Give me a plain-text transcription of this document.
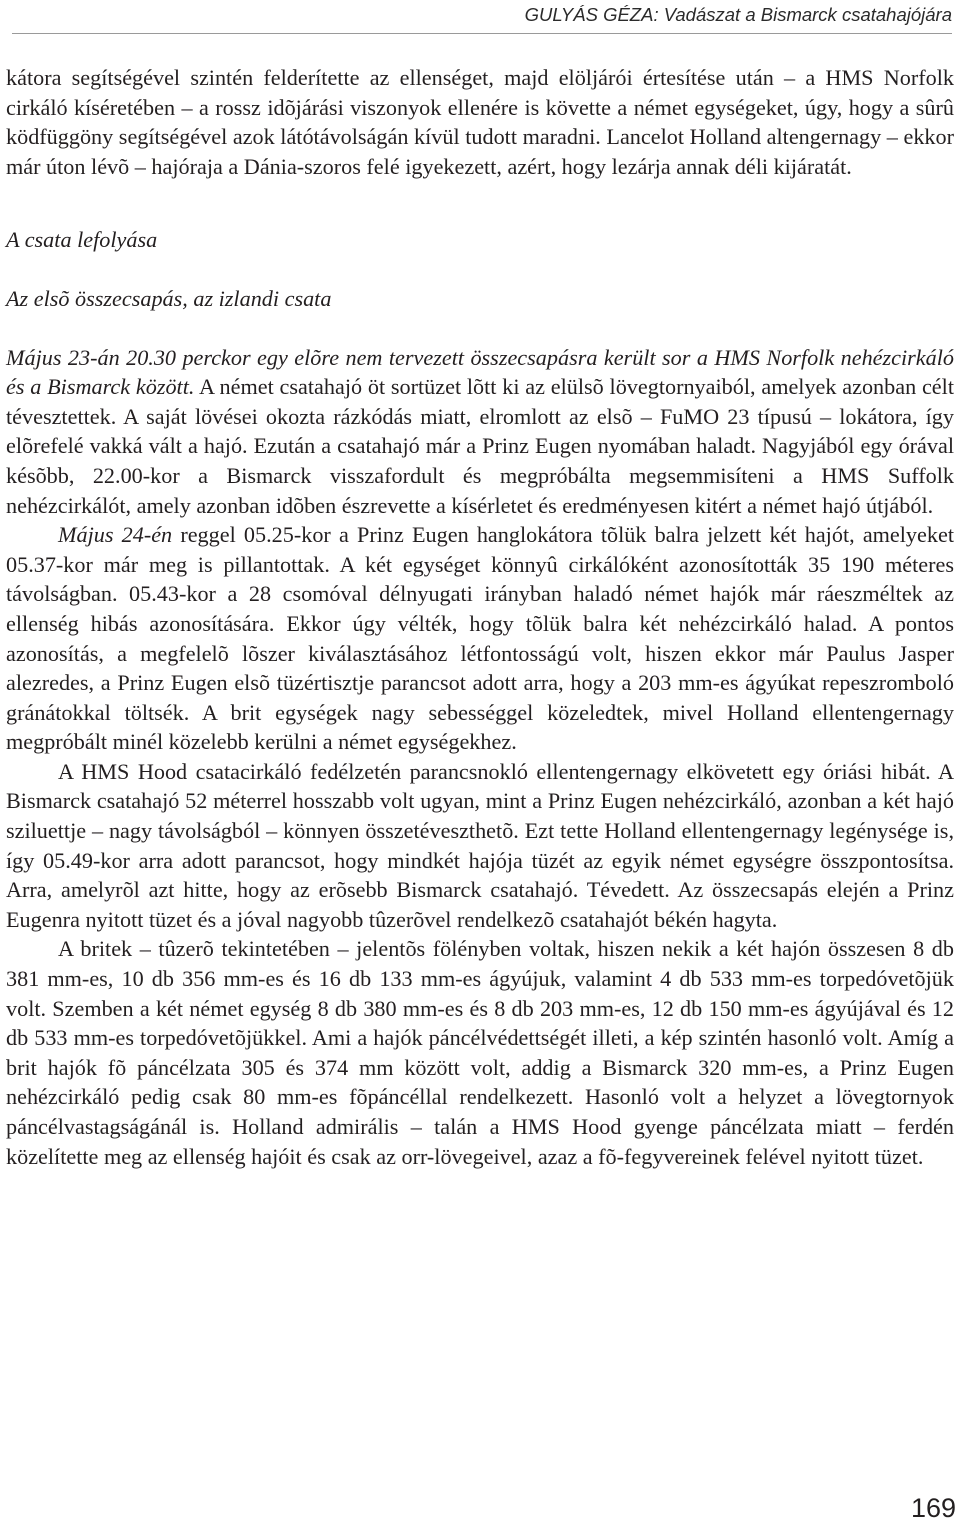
GULYÁS GÉZA: Vadászat a Bismarck csatahajójára

kátora segítségével szintén felderítette az ellenséget, majd elöljárói értesítése után – a HMS Norfolk cirkáló kíséretében – a rossz idõjárási viszonyok ellenére is követte a német egységeket, úgy, hogy a sûrû ködfüggöny segítségével azok látótávolságán kívül tudott maradni. Lancelot Holland altengernagy – ekkor már úton lévõ – hajóraja a Dánia-szoros felé igyekezett, azért, hogy lezárja annak déli kijáratát.

A csata lefolyása
Az elsõ összecsapás, az izlandi csata

Május 23-án 20.30 perckor egy elõre nem tervezett összecsapásra került sor a HMS Norfolk nehézcirkáló és a Bismarck között. A német csatahajó öt sortüzet lõtt ki az elülsõ lövegtornyaiból, amelyek azonban célt tévesztettek. A saját lövései okozta rázkódás miatt, elromlott az elsõ – FuMO 23 típusú – lokátora, így elõrefelé vakká vált a hajó. Ezután a csatahajó már a Prinz Eugen nyomában haladt. Nagyjából egy órával késõbb, 22.00-kor a Bismarck visszafordult és megpróbálta megsemmisíteni a HMS Suffolk nehézcirkálót, amely azonban idõben észrevette a kísérletet és eredményesen kitért a német hajó útjából.

Május 24-én reggel 05.25-kor a Prinz Eugen hanglokátora tõlük balra jelzett két hajót, amelyeket 05.37-kor már meg is pillantottak. A két egységet könnyû cirkálóként azonosították 35 190 méteres távolságban. 05.43-kor a 28 csomóval délnyugati irányban haladó német hajók már ráeszméltek az ellenség hibás azonosítására. Ekkor úgy vélték, hogy tõlük balra két nehézcirkáló halad. A pontos azonosítás, a megfelelõ lõszer kiválasztásához létfontosságú volt, hiszen ekkor már Paulus Jasper alezredes, a Prinz Eugen elsõ tüzértisztje parancsot adott arra, hogy a 203 mm-es ágyúkat repeszromboló gránátokkal töltsék. A brit egységek nagy sebességgel közeledtek, mivel Holland ellentengernagy megpróbált minél közelebb kerülni a német egységekhez.

A HMS Hood csatacirkáló fedélzetén parancsnokló ellentengernagy elkövetett egy óriási hibát. A Bismarck csatahajó 52 méterrel hosszabb volt ugyan, mint a Prinz Eugen nehézcirkáló, azonban a két hajó sziluettje – nagy távolságból – könnyen összetéveszthetõ. Ezt tette Holland ellentengernagy legénysége is, így 05.49-kor arra adott parancsot, hogy mindkét hajója tüzét az egyik német egységre összpontosítsa. Arra, amelyrõl azt hitte, hogy az erõsebb Bismarck csatahajó. Tévedett. Az összecsapás elején a Prinz Eugenra nyitott tüzet és a jóval nagyobb tûzerõvel rendelkezõ csatahajót békén hagyta.

A britek – tûzerõ tekintetében – jelentõs fölényben voltak, hiszen nekik a két hajón összesen 8 db 381 mm-es, 10 db 356 mm-es és 16 db 133 mm-es ágyújuk, valamint 4 db 533 mm-es torpedóvetõjük volt. Szemben a két német egység 8 db 380 mm-es és 8 db 203 mm-es, 12 db 150 mm-es ágyújával és 12 db 533 mm-es torpedóvetõjükkel. Ami a hajók páncélvédettségét illeti, a kép szintén hasonló volt. Amíg a brit hajók fõ páncélzata 305 és 374 mm között volt, addig a Bismarck 320 mm-es, a Prinz Eugen nehézcirkáló pedig csak 80 mm-es fõpáncéllal rendelkezett. Hasonló volt a helyzet a lövegtornyok páncélvastagságánál is. Holland admirális – talán a HMS Hood gyenge páncélzata miatt – ferdén közelítette meg az ellenség hajóit és csak az orr-lövegeivel, azaz a fõ-fegyvereinek felével nyitott tüzet.

169
